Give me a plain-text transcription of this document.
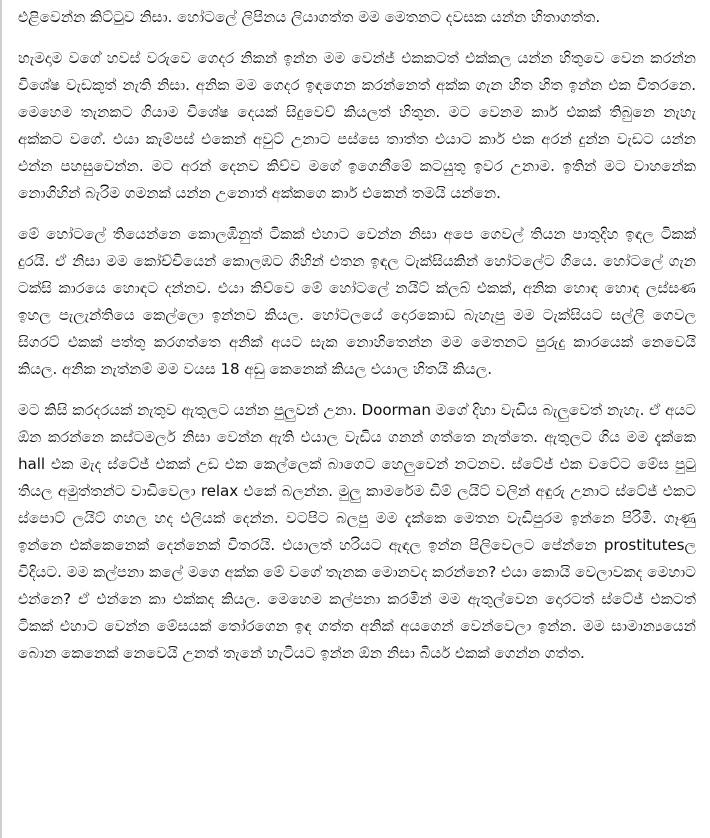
එළිවෙන්න කිට්ටුව නිසා. හෝටලේ ලිපිනය ලියාගත්ත මම මෙතනට දවසක යන්න හිතාගත්ත.

හැමදාම වගේ හවස් වරුවෙ ගෙදර නිකන් ඉන්න මම වෙන්ජ් එකකටත් එක්කල යන්න හිතුවෙ වෙන කරන්න විශේෂ වැඩකුත් නැති නිසා. අනික මම ගෙදර ඉඳගෙන කරන්නෙත් අක්ක ගැන හිත හිත ඉන්න එක විතරනෙ. මෙහෙම තැනකට ගියාම විශේෂ දෙයක් සිදුවෙව් කියලත් හිතුන. මට වෙනම කාර් එකක් තිබුනෙ නැහැ අක්කට වගේ. එයා කැම්පස් එකෙන් අවුට් උනාට පස්සෙ තාත්ත එයාට කාර් එක අරන් දුන්න වැඩට යන්න එන්න පහසුවෙන්න. මට අරන් දෙනව කිව්ව මගේ ඉගෙනීමේ කටයුතු ඉවර උනාම. ඉතින් මට වාහනේක නොගිහින් බැරිම ගමනක් යන්න උනොත් අක්කගෙ කාර් එකෙන් තමයි යන්නෙ.

මේ හෝටලේ තියෙන්නෙ කොලඹිනුත් ටිකක් එහාට වෙන්න නිසා අපෙ ගෙවල් තියන පාතුදිහ ඉඳල ටිකක් දුරයි. ඒ නිසා මම කෝච්චියෙන් කොලඹට ගිහින් එතන ඉඳල ටැක්සියකින් හෝටලේට ගියෙ. හෝටලේ ගැන ටක්සි කාරයෙ හොඳට දන්නව. එයා කිව්වෙ මේ හෝටලේ නයිට් ක්ලබ් එකක්, අනික හොඳ හොඳ ලස්සණ ඉහල පැලැන්තියෙ කෙල්ලො ඉන්නව කියල. හෝටලයේ දොරකොඩ බැහැපු මම ටැක්සියට සල්ලි ගෙවල සිගරට් එකක් පත්තු කරගත්තෙ අනික් අයට සැක නොහිතෙන්න මම මෙතනට පුරුදු කාරයෙක් නෙවෙයි කියල. අනික නැත්නම් මම වයස 18 අඩු කෙනෙක් කියල එයාල හිතයි කියල.

මට කිසි කරදරයක් නැතුව ඇතුලට යන්න පුලුවන් උනා. Doorman මගේ දිහා වැඩිය බැලුවෙත් නැහැ. ඒ අයට ඕන කරන්නෙ කස්ටමර්ල නිසා වෙන්න ඇති එයාල වැඩිය ගනන් ගත්තෙ නැත්තෙ. ඇතුලට ගිය මම දැක්කෙ hall එක මැද ස්ටේජ් එකක් උඩ එක කෙල්ලෙක් බාගෙට හෙලුවෙන් නටනව. ස්ටේජ් එක වටේට මේස පුටු තියල අමුත්තන්ට වාඩිවෙලා relax එකේ බලන්න. මුලු කාමරේම ඩිම් ලයිට් වලින් අඳුරු උනාට ස්ටේජ් එකට ස්පොට් ලයිට් ගහල හද එලියක් දෙන්න. වටපිට බලපු මම දැක්කෙ මෙතන වැඩිපුරම ඉන්නෙ පිරිමි. ගෑණු ඉන්නෙ එක්කෙනෙක් දෙන්නෙක් විතරයි. එයාලත් හරියට ඇඳල ඉන්න පිලිවෙලට පේන්නෙ prostitutesල විදියට. මම කල්පනා කලේ මගෙ අක්ක මේ වගේ තැනක මොනවද කරන්නෙ? එයා කොයි වෙලාවකද මෙහාට එන්නෙ? ඒ එන්නෙ කා එක්කද කියල. මෙහෙම කල්පනා කරමින් මම ඇතුල්වෙන දොරටත් ස්ටේජ් එකටත් ටිකක් එහාට වෙන්න මේසයක් තෝරගෙන ඉඳ ගත්ත අනික් අයගෙන් වෙන්වෙලා ඉන්න. මම සාමාන්‍යයෙන් බොන කෙනෙක් නෙවෙයි උනත් තැනේ හැටියට ඉන්න ඕන නිසා බියර් එකක් ගෙන්න ගත්ත.
